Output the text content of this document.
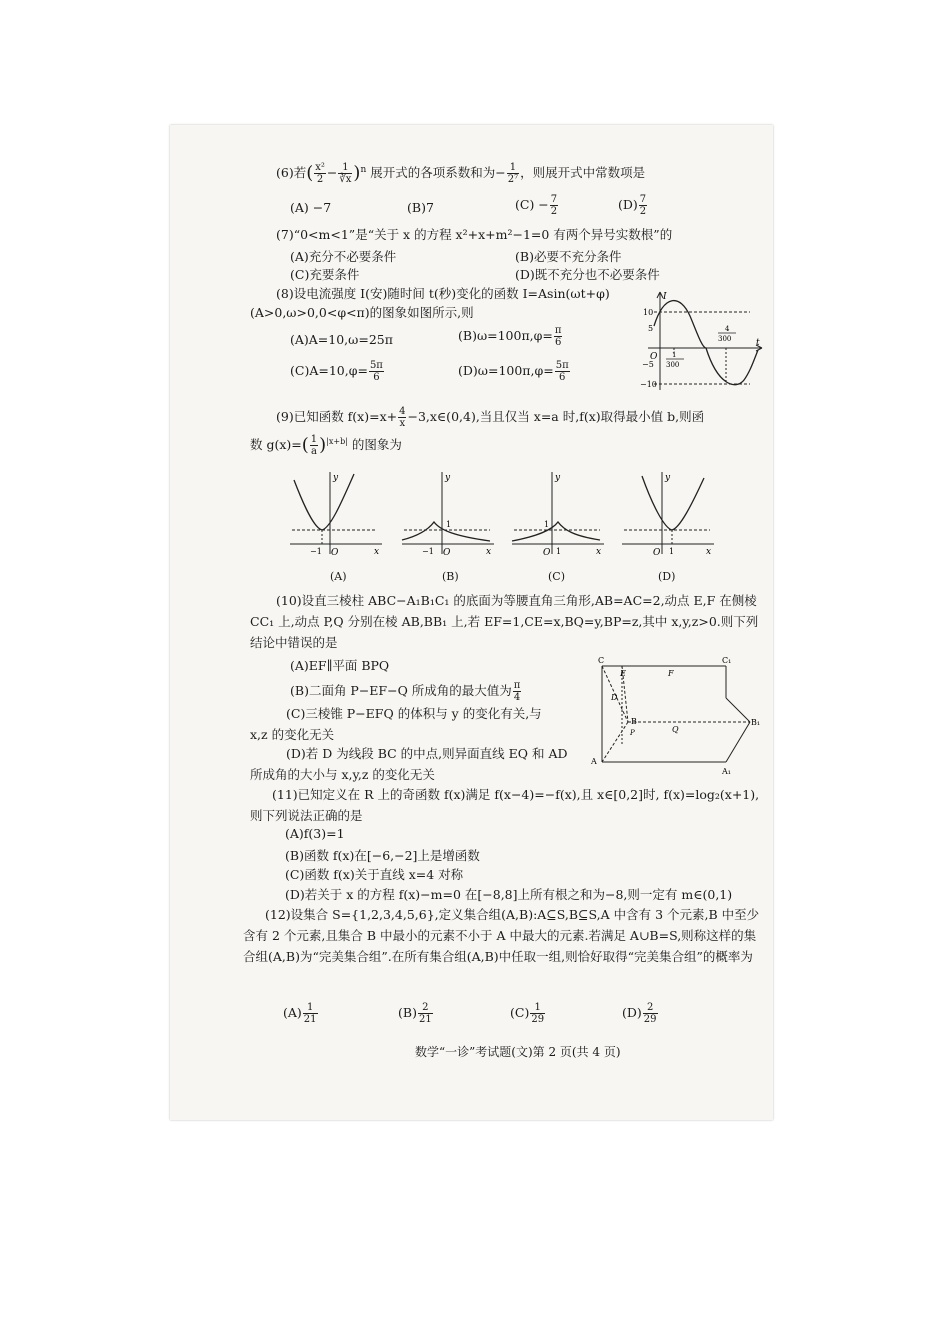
(6)若( $\frac{\text{x²}}{2} - \frac{1}{∛x} )^n$ 展开式的各项系数和为− $\frac{1}{\text{2⁷}}$ ，则展开式中常数项是
(A) −7	(B)7	$(C) - \frac{7}{2}$	$(D) \frac{7}{2}$
(7)“0<m<1”是“关于 x 的方程 x²+x+m²−1=0 有两个异号实数根”的
(A)充分不必要条件	(B)必要不充分条件
(C)充要条件	(D)既不充分也不必要条件
(8)设电流强度 I(安)随时间 t(秒)变化的函数 I=Asin(ωt+φ)
(A>0,ω>0,0<φ<π)的图象如图所示,则
(A)A=10,ω=25π	$(B)\omega=100\pi,\varphi= \frac{\pi}{6}$
$(C)A=10,\varphi= \frac{5\pi}{6}$	$(D)\omega=100\pi,\varphi= \frac{5\pi}{6}$
I
t
O
10
5
−5
−10
1
300
4
300
(9)已知函数 $f(x)=x+ \frac{4}{x}$ −3,x∈(0,4),当且仅当 x=a 时,f(x)取得最小值 b,则函
数 $g(x)=( \frac{1}{a} )^{|x+b|}$ 的图象为
y
x
O
−1
(A)
y
x
O
1
−1
(B)
y
x
O
1
1
(C)
y
x
O 1
(D)
(10)设直三棱柱 ABC−A₁B₁C₁ 的底面为等腰直角三角形,AB=AC=2,动点 E,F 在侧棱 CC₁ 上,动点 P,Q 分别在棱 AB,BB₁ 上,若 EF=1,CE=x,BQ=y,BP=z,其中 x,y,z>0.则下列结论中错误的是
(A)EF∥平面 BPQ
(B)二面角 P−EF−Q 所成角的最大值为 $\frac{\pi}{4}$
(C)三棱锥 P−EFQ 的体积与 y 的变化有关,与 x,z 的变化无关
(D)若 D 为线段 BC 的中点,则异面直线 EQ 和 AD 所成角的大小与 x,y,z 的变化无关
C
E	F
C₁
D
B
P	Q
B₁
A
A₁
(11)已知定义在 R 上的奇函数 f(x)满足 f(x−4)=−f(x),且 x∈[0,2]时, f(x)=log₂(x+1),则下列说法正确的是
(A)f(3)=1
(B)函数 f(x)在[−6,−2]上是增函数
(C)函数 f(x)关于直线 x=4 对称
(D)若关于 x 的方程 f(x)−m=0 在[−8,8]上所有根之和为−8,则一定有 m∈(0,1)
(12)设集合 S={1,2,3,4,5,6},定义集合组(A,B):A⊆S,B⊆S,A 中含有 3 个元素,B 中至少含有 2 个元素,且集合 B 中最小的元素不小于 A 中最大的元素.若满足 A∪B=S,则称这样的集合组(A,B)为“完美集合组”.在所有集合组(A,B)中任取一组,则恰好取得“完美集合组”的概率为
$(A) \frac{1}{21}$	$(B) \frac{2}{21}$	$(C) \frac{1}{29}$	$(D) \frac{2}{29}$
数学“一诊”考试题(文)第 2 页(共 4 页)
